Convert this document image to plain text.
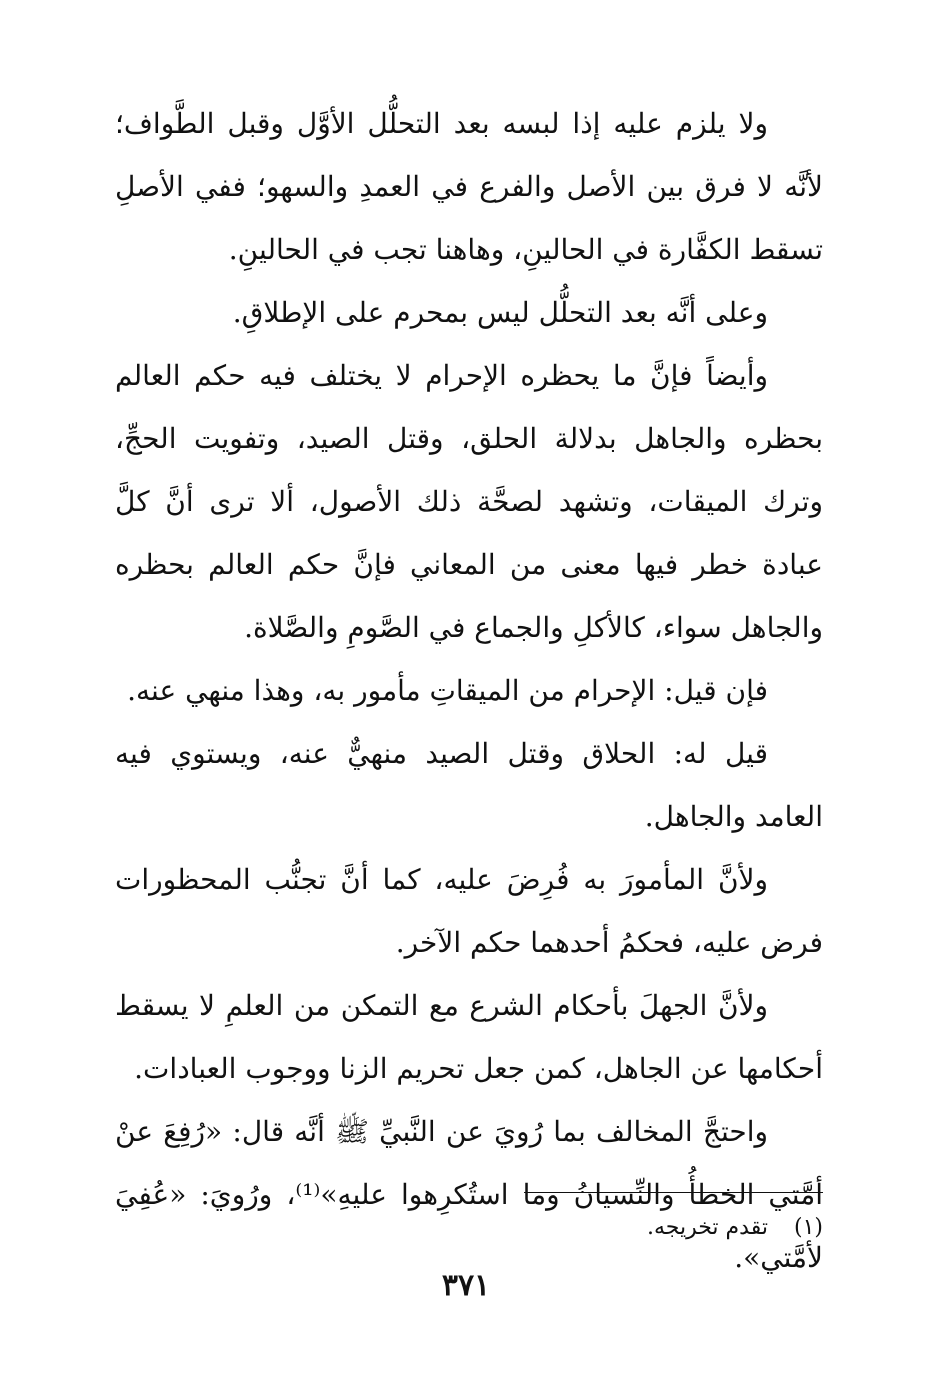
ولا يلزم عليه إذا لبسه بعد التحلُّل الأوَّل وقبل الطَّواف؛ لأنَّه لا فرق بين الأصل والفرع في العمدِ والسهو؛ ففي الأصلِ تسقط الكفَّارة في الحالينِ، وهاهنا تجب في الحالينِ.

وعلى أنَّه بعد التحلُّل ليس بمحرم على الإطلاقِ.

وأيضاً فإنَّ ما يحظره الإحرام لا يختلف فيه حكم العالم بحظره والجاهل بدلالة الحلق، وقتل الصيد، وتفويت الحجِّ، وترك الميقات، وتشهد لصحَّة ذلك الأصول، ألا ترى أنَّ كلَّ عبادة خطر فيها معنى من المعاني فإنَّ حكم العالم بحظره والجاهل سواء، كالأكلِ والجماع في الصَّومِ والصَّلاة.

فإن قيل: الإحرام من الميقاتِ مأمور به، وهذا منهي عنه.

قيل له: الحلاق وقتل الصيد منهيٌّ عنه، ويستوي فيه العامد والجاهل.

ولأنَّ المأمورَ به فُرِضَ عليه، كما أنَّ تجنُّب المحظورات فرض عليه، فحكمُ أحدهما حكم الآخر.

ولأنَّ الجهلَ بأحكام الشرع مع التمكن من العلمِ لا يسقط أحكامها عن الجاهل، كمن جعل تحريم الزنا ووجوب العبادات.

واحتجَّ المخالف بما رُويَ عن النَّبيِّ ﷺ أنَّه قال: «رُفِعَ عنْ أمَّتي الخطأُ والنِّسيانُ وما استُكرِهوا عليهِ»⁽¹⁾، ورُويَ: «عُفِيَ لأمَّتي».

(١)تقدم تخريجه.
٣٧١
